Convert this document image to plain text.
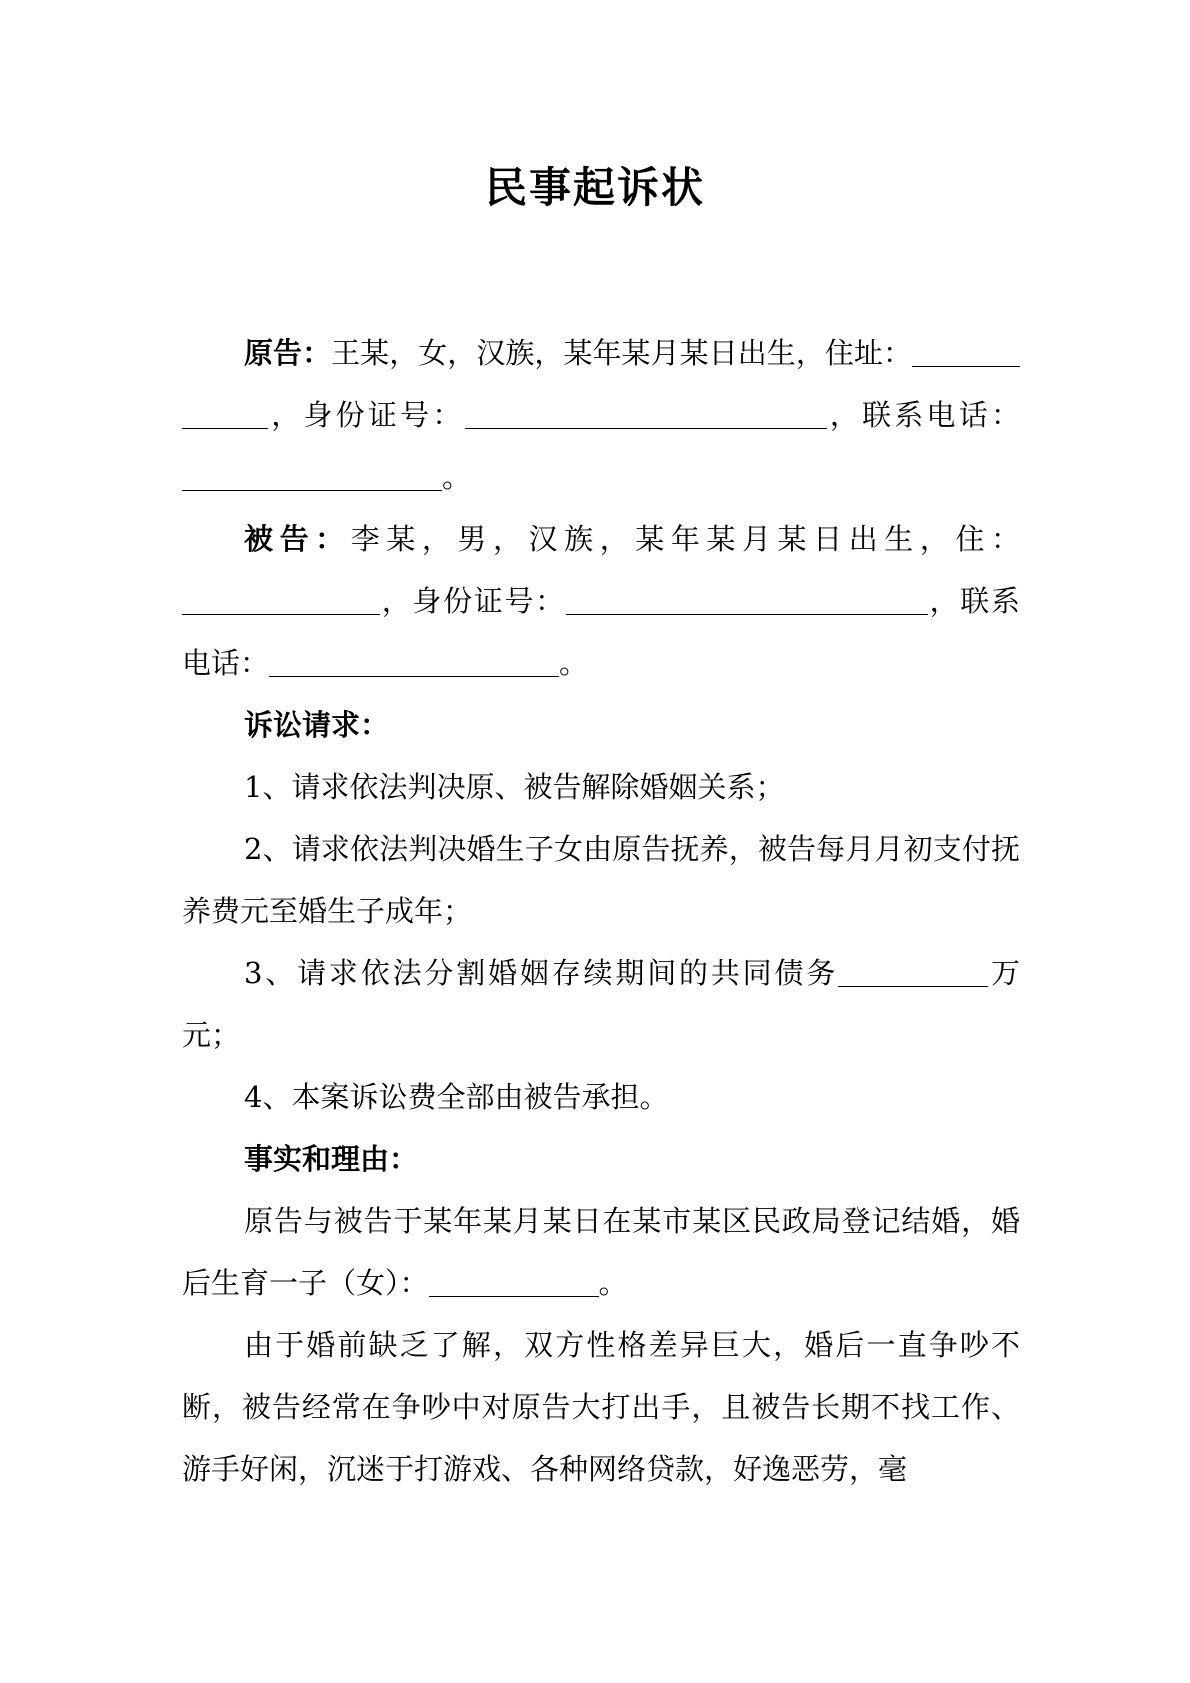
民事起诉状

原告：王某，女，汉族，某年某月某日出生，住址：，身份证号：	，联系电话：。

被告：李某，男，汉族，某年某月某日出生，住：，身份证号：	，联系电话：	。

诉讼请求：

1、请求依法判决原、被告解除婚姻关系；

2、请求依法判决婚生子女由原告抚养，被告每月月初支付抚养费元至婚生子成年；

3、请求依法分割婚姻存续期间的共同债务	万元；

4、本案诉讼费全部由被告承担。

事实和理由：

原告与被告于某年某月某日在某市某区民政局登记结婚，婚后生育一子（女）：	。

由于婚前缺乏了解，双方性格差异巨大，婚后一直争吵不断，被告经常在争吵中对原告大打出手，且被告长期不找工作、游手好闲，沉迷于打游戏、各种网络贷款，好逸恶劳，毫
